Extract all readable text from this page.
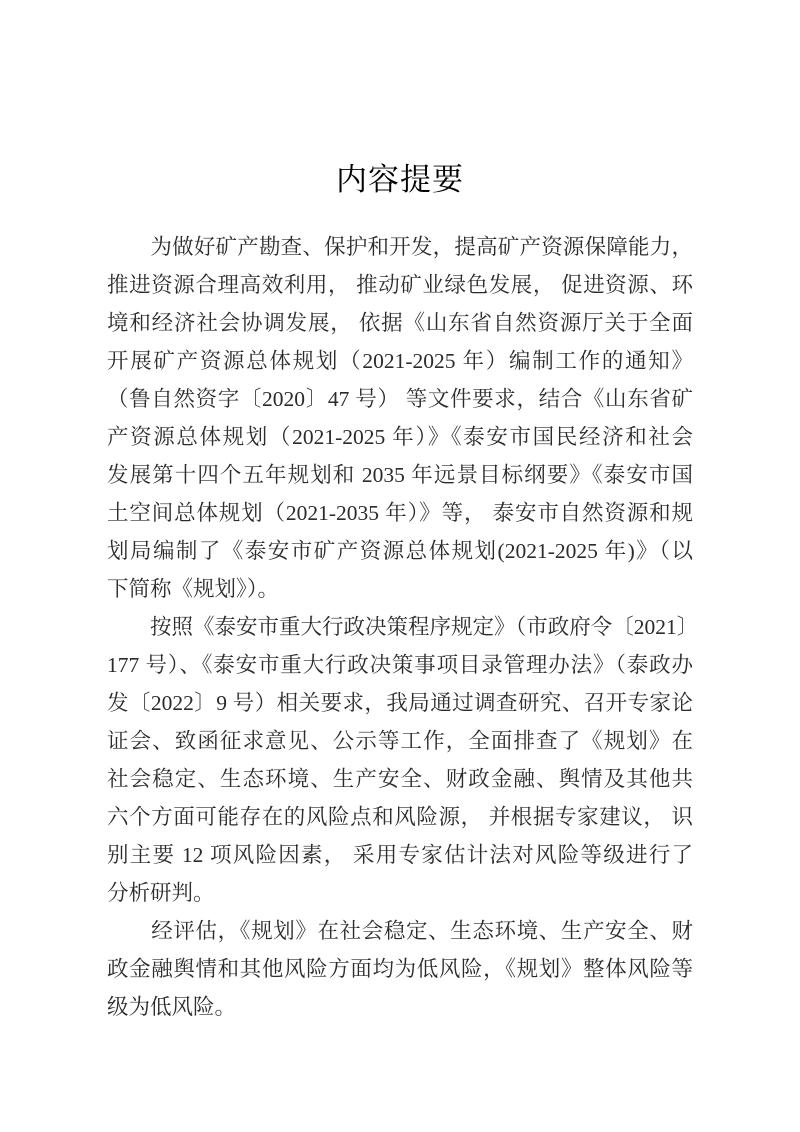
内容提要
为做好矿产勘查、保护和开发，提高矿产资源保障能力，
推进资源合理高效利用， 推动矿业绿色发展， 促进资源、环
境和经济社会协调发展， 依据《山东省自然资源厅关于全面
开展矿产资源总体规划（2021-2025 年）编制工作的通知》
（鲁自然资字〔2020〕47 号） 等文件要求，结合《山东省矿
产资源总体规划（2021-2025 年）》《泰安市国民经济和社会
发展第十四个五年规划和 2035 年远景目标纲要》《泰安市国
土空间总体规划（2021-2035 年）》等， 泰安市自然资源和规
划局编制了《泰安市矿产资源总体规划(2021-2025 年)》（以
下简称《规划》）。
按照《泰安市重大行政决策程序规定》（市政府令〔2021〕
177 号）、《泰安市重大行政决策事项目录管理办法》（泰政办
发〔2022〕9 号）相关要求，我局通过调查研究、召开专家论
证会、致函征求意见、公示等工作，全面排查了《规划》在
社会稳定、生态环境、生产安全、财政金融、舆情及其他共
六个方面可能存在的风险点和风险源， 并根据专家建议， 识
别主要 12 项风险因素， 采用专家估计法对风险等级进行了
分析研判。
经评估，《规划》在社会稳定、生态环境、生产安全、财
政金融舆情和其他风险方面均为低风险，《规划》整体风险等
级为低风险。
